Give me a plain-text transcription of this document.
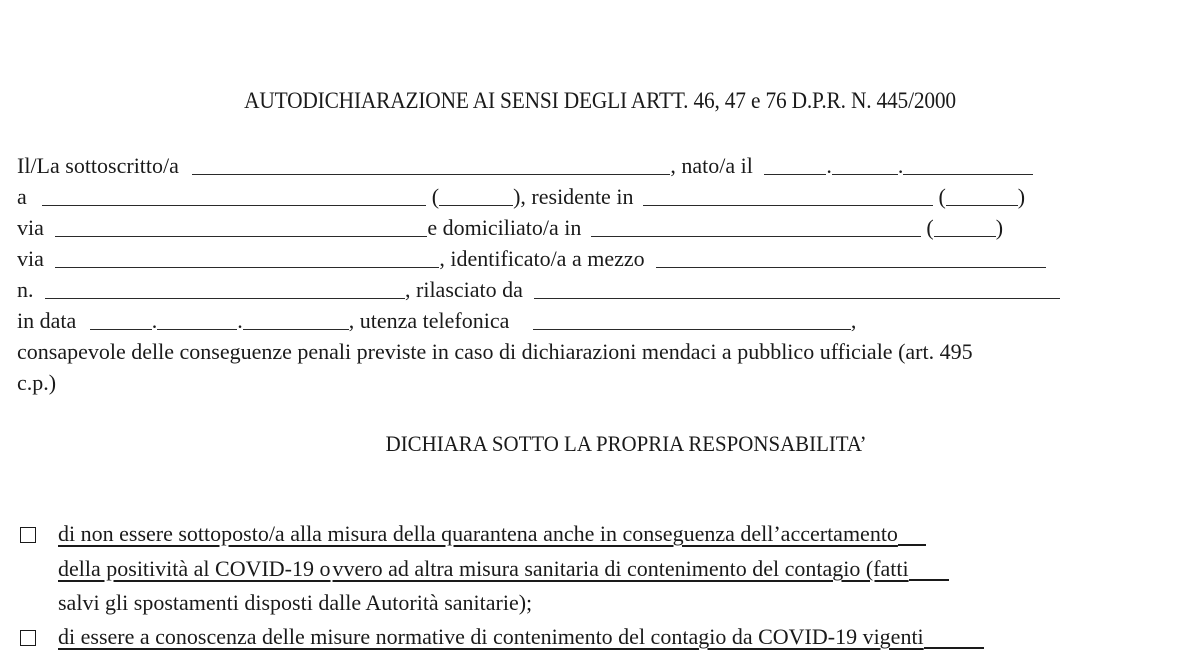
AUTODICHIARAZIONE AI SENSI DEGLI ARTT. 46, 47 e 76 D.P.R. N. 445/2000
Il/La sottoscritto/a	, nato/a il	.	.
a	(	), residente in	(	)
via	e domiciliato/a in	(	)
via	, identificato/a a mezzo
n.	, rilasciato da
in data	.	.	, utenza telefonica	,
consapevole delle conseguenze penali previste in caso di dichiarazioni mendaci a pubblico ufficiale (art. 495
c.p.)
DICHIARA SOTTO LA PROPRIA RESPONSABILITA’
di non essere sottoposto/a alla misura della quarantena anche in conseguenza dell’accertamento
della positività al COVID-19 ovvero ad altra misura sanitaria di contenimento del contagio (fatti
salvi gli spostamenti disposti dalle Autorità sanitarie);
di essere a conoscenza delle misure normative di contenimento del contagio da COVID-19 vigenti
